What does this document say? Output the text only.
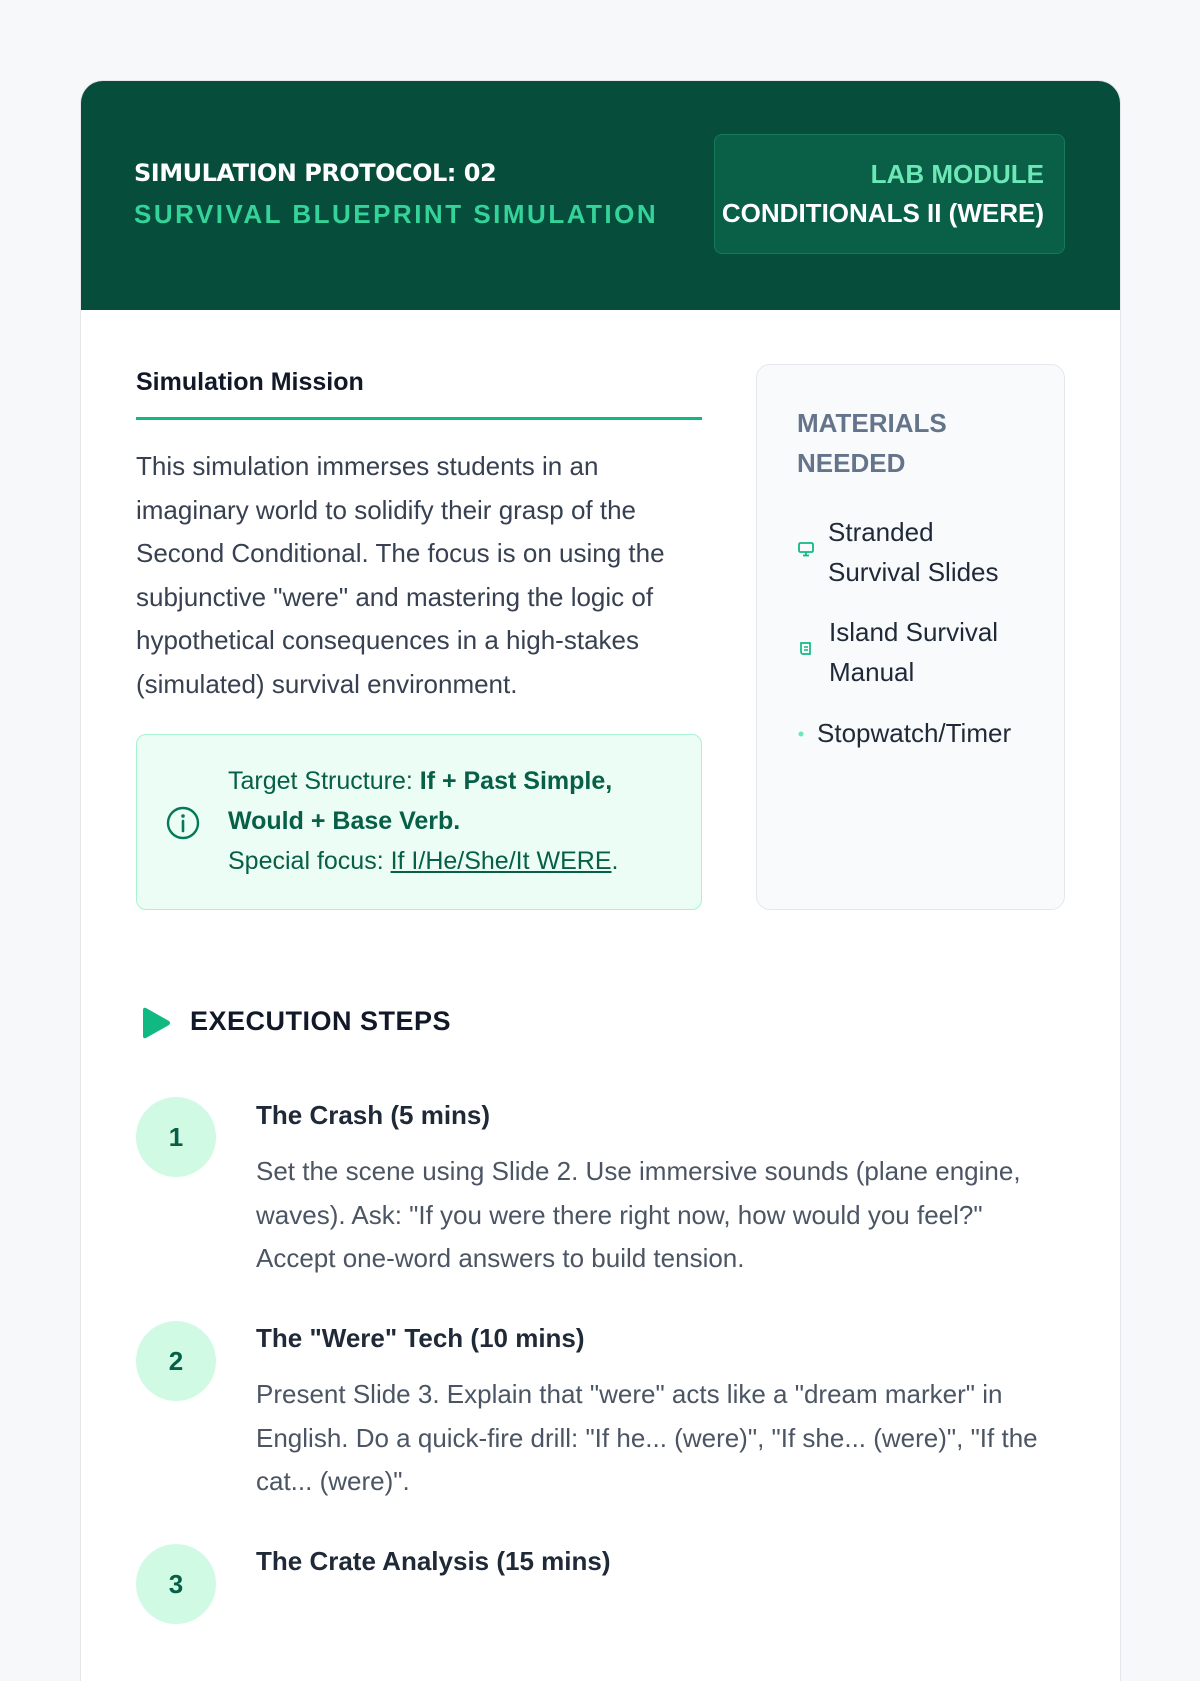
SIMULATION PROTOCOL: 02
SURVIVAL BLUEPRINT SIMULATION
LAB MODULE
CONDITIONALS II (WERE)
Simulation Mission
This simulation immerses students in an imaginary world to solidify their grasp of the Second Conditional. The focus is on using the subjunctive "were" and mastering the logic of hypothetical consequences in a high-stakes (simulated) survival environment.
Target Structure: If + Past Simple, Would + Base Verb.
Special focus: If I/He/She/It WERE.
MATERIALS NEEDED
Stranded Survival Slides
Island Survival Manual
Stopwatch/Timer
EXECUTION STEPS
1
The Crash (5 mins)
Set the scene using Slide 2. Use immersive sounds (plane engine, waves). Ask: "If you were there right now, how would you feel?" Accept one-word answers to build tension.
2
The "Were" Tech (10 mins)
Present Slide 3. Explain that "were" acts like a "dream marker" in English. Do a quick-fire drill: "If he... (were)", "If she... (were)", "If the cat... (were)".
3
The Crate Analysis (15 mins)
